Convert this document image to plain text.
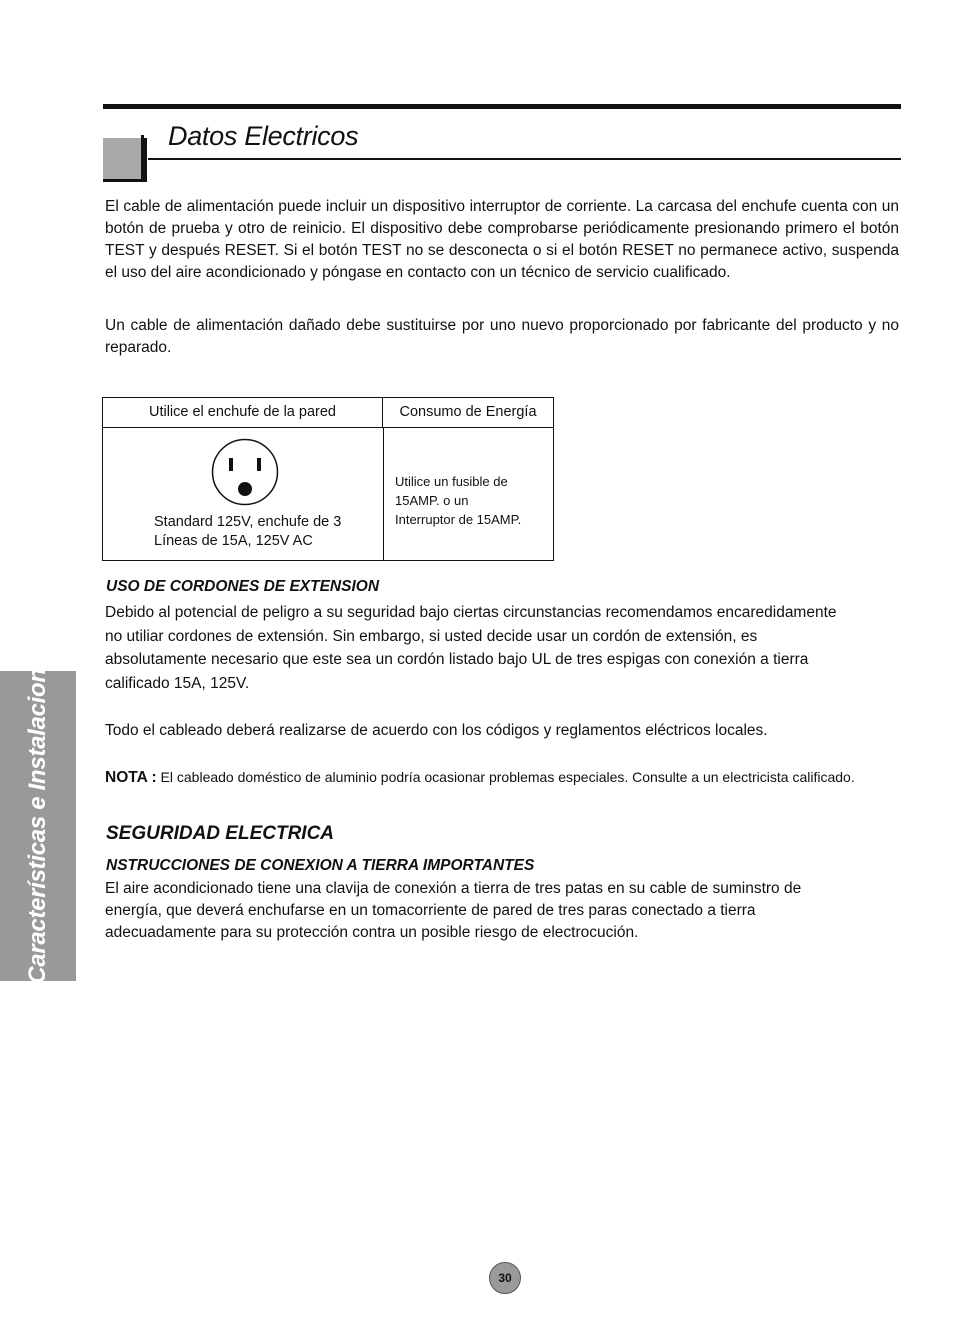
Datos Electricos

El cable de alimentación puede incluir un dispositivo interruptor de corriente. La carcasa del enchufe cuenta con un botón de prueba y otro de reinicio. El dispositivo debe comprobarse periódicamente presionando primero el botón TEST y después RESET. Si el botón TEST no se desconecta o si el botón RESET no permanece activo, suspenda el uso del aire acondicionado y póngase en contacto con un técnico de servicio cualificado.

Un cable de alimentación dañado debe sustituirse por uno nuevo proporcionado por fabricante del producto y no reparado.

Utilice el enchufe de la pared	Consumo de Energía
Standard 125V, enchufe de 3
Líneas de 15A, 125V AC
Utilice un fusible de
15AMP. o un
Interruptor de 15AMP.
USO DE CORDONES DE EXTENSION
Debido al potencial de peligro a su seguridad bajo ciertas circunstancias recomendamos encaredidamente
no utiliar cordones de extensión. Sin embargo, si usted decide usar un cordón de extensión, es
absolutamente necesario que este sea un cordón listado bajo UL de tres espigas con conexión a tierra
calificado 15A, 125V.
Todo el cableado deberá realizarse de acuerdo con los códigos y reglamentos eléctricos locales.
NOTA : El cableado doméstico de aluminio podría ocasionar problemas especiales. Consulte a un electricista calificado.
SEGURIDAD ELECTRICA
NSTRUCCIONES DE CONEXION A TIERRA IMPORTANTES
El aire acondicionado tiene una clavija de conexión a tierra de tres patas en su cable de suminstro de
energía, que deverá enchufarse en un tomacorriente de pared de tres paras conectado a tierra
adecuadamente para su protección contra un posible riesgo de electrocución.
Características e Instalacion
30
